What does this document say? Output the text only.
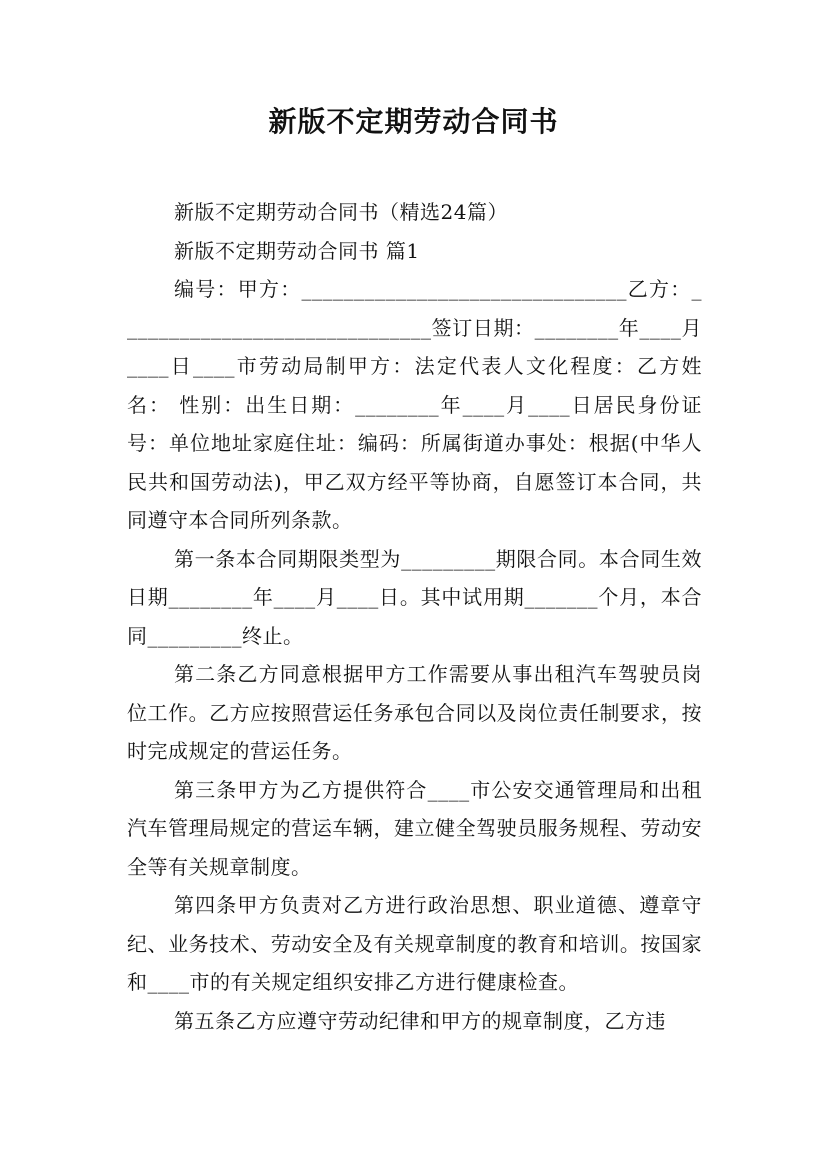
新版不定期劳动合同书

新版不定期劳动合同书（精选24篇）

新版不定期劳动合同书 篇1

编号：甲方：_______________________________乙方：______________________________签订日期：________年____月____日____市劳动局制甲方：法定代表人文化程度：乙方姓名： 性别：出生日期：________年____月____日居民身份证号：单位地址家庭住址：编码：所属街道办事处：根据(中华人民共和国劳动法)，甲乙双方经平等协商，自愿签订本合同，共同遵守本合同所列条款。

第一条本合同期限类型为_________期限合同。本合同生效日期________年____月____日。其中试用期_______个月，本合同_________终止。

第二条乙方同意根据甲方工作需要从事出租汽车驾驶员岗位工作。乙方应按照营运任务承包合同以及岗位责任制要求，按时完成规定的营运任务。

第三条甲方为乙方提供符合____市公安交通管理局和出租汽车管理局规定的营运车辆，建立健全驾驶员服务规程、劳动安全等有关规章制度。

第四条甲方负责对乙方进行政治思想、职业道德、遵章守纪、业务技术、劳动安全及有关规章制度的教育和培训。按国家和____市的有关规定组织安排乙方进行健康检查。

第五条乙方应遵守劳动纪律和甲方的规章制度，乙方违
